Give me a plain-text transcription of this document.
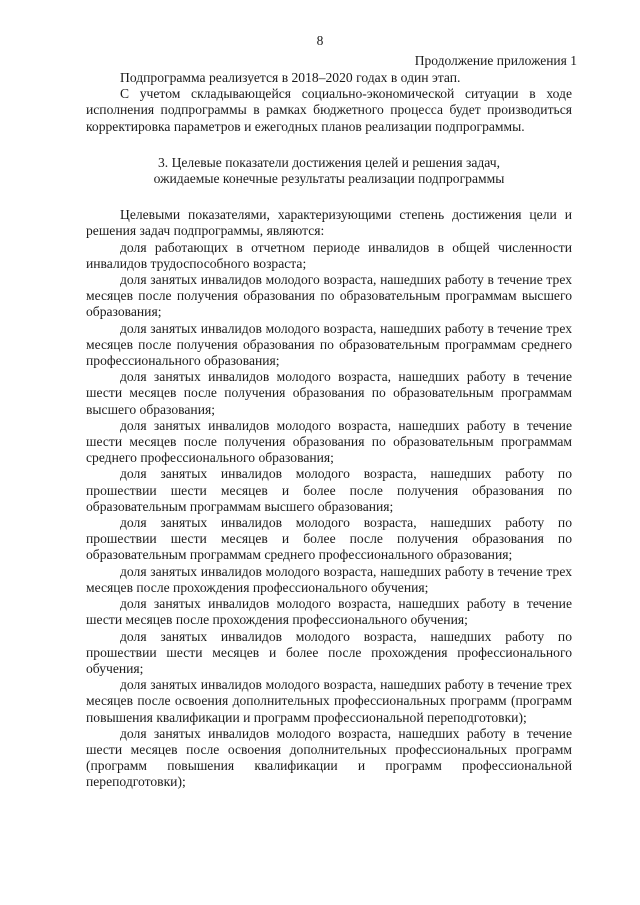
8
Продолжение приложения 1

Подпрограмма реализуется в 2018–2020 годах в один этап.

С учетом складывающейся социально-экономической ситуации в ходе исполнения подпрограммы в рамках бюджетного процесса будет производиться корректировка параметров и ежегодных планов реализации подпрограммы.

3. Целевые показатели достижения целей и решения задач,

ожидаемые конечные результаты реализации подпрограммы

Целевыми показателями, характеризующими степень достижения цели и решения задач подпрограммы, являются:

доля работающих в отчетном периоде инвалидов в общей численности инвалидов трудоспособного возраста;

доля занятых инвалидов молодого возраста, нашедших работу в течение трех месяцев после получения образования по образовательным программам высшего образования;

доля занятых инвалидов молодого возраста, нашедших работу в течение трех месяцев после получения образования по образовательным программам среднего профессионального образования;

доля занятых инвалидов молодого возраста, нашедших работу в течение шести месяцев после получения образования по образовательным программам высшего образования;

доля занятых инвалидов молодого возраста, нашедших работу в течение шести месяцев после получения образования по образовательным программам среднего профессионального образования;

доля занятых инвалидов молодого возраста, нашедших работу по прошествии шести месяцев и более после получения образования по образовательным программам высшего образования;

доля занятых инвалидов молодого возраста, нашедших работу по прошествии шести месяцев и более после получения образования по образовательным программам среднего профессионального образования;

доля занятых инвалидов молодого возраста, нашедших работу в течение трех месяцев после прохождения профессионального обучения;

доля занятых инвалидов молодого возраста, нашедших работу в течение шести месяцев после прохождения профессионального обучения;

доля занятых инвалидов молодого возраста, нашедших работу по прошествии шести месяцев и более после прохождения профессионального обучения;

доля занятых инвалидов молодого возраста, нашедших работу в течение трех месяцев после освоения дополнительных профессиональных программ (программ повышения квалификации и программ профессиональной переподготовки);

доля занятых инвалидов молодого возраста, нашедших работу в течение шести месяцев после освоения дополнительных профессиональных программ (программ повышения квалификации и программ профессиональной переподготовки);
